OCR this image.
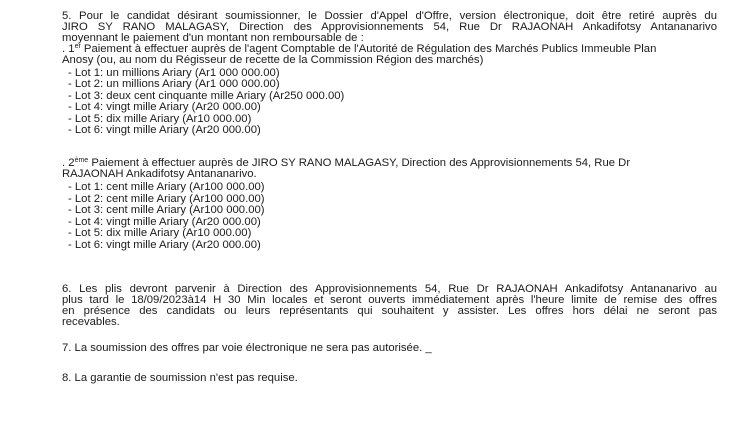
5. Pour le candidat désirant soumissionner, le Dossier d'Appel d'Offre, version électronique, doit être retiré auprès du
JIRO SY RANO MALAGASY, Direction des Approvisionnements 54, Rue Dr RAJAONAH Ankadifotsy Antananarivo
moyennant le paiement d'un montant non remboursable de :
. 1er Paiement à effectuer auprès de l'agent Comptable de l'Autorité de Régulation des Marchés Publics Immeuble Plan
Anosy (ou, au nom du Régisseur de recette de la Commission Région des marchés)
- Lot 1: un millions Ariary (Ar1 000 000.00)
- Lot 2: un millions Ariary (Ar1 000 000.00)
- Lot 3: deux cent cinquante mille Ariary (Ar250 000.00)
- Lot 4: vingt mille Ariary (Ar20 000.00)
- Lot 5: dix mille Ariary (Ar10 000.00)
- Lot 6: vingt mille Ariary (Ar20 000.00)
. 2ème Paiement à effectuer auprès de JIRO SY RANO MALAGASY, Direction des Approvisionnements 54, Rue Dr
RAJAONAH Ankadifotsy Antananarivo.
- Lot 1: cent mille Ariary (Ar100 000.00)
- Lot 2: cent mille Ariary (Ar100 000.00)
- Lot 3: cent mille Ariary (Ar100 000.00)
- Lot 4: vingt mille Ariary (Ar20 000.00)
- Lot 5: dix mille Ariary (Ar10 000.00)
- Lot 6: vingt mille Ariary (Ar20 000.00)
6. Les plis devront parvenir à Direction des Approvisionnements 54, Rue Dr RAJAONAH Ankadifotsy Antananarivo au
plus tard le 18/09/2023à14 H 30 Min locales et seront ouverts immédiatement après l'heure limite de remise des offres
en présence des candidats ou leurs représentants qui souhaitent y assister. Les offres hors délai ne seront pas
recevables.
7. La soumission des offres par voie électronique ne sera pas autorisée. _
8. La garantie de soumission n'est pas requise.
